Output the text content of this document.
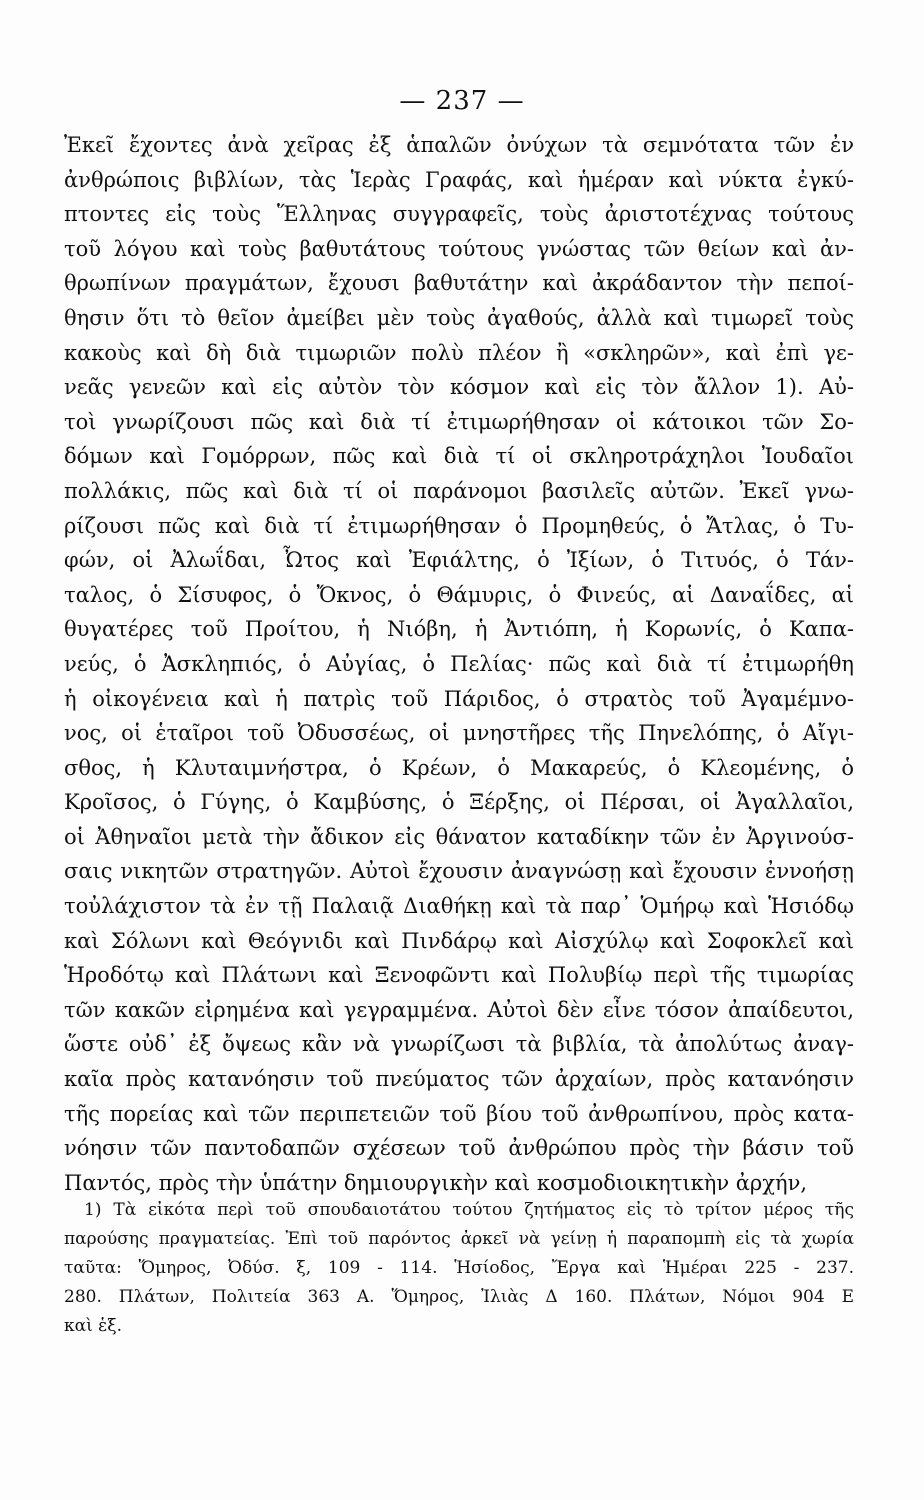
— 237 —
Ἐκεῖ ἔχοντες ἀνὰ χεῖρας ἐξ ἁπαλῶν ὀνύχων τὰ σεμνότατα τῶν ἐν
ἀνθρώποις βιβλίων, τὰς Ἱερὰς Γραφάς, καὶ ἡμέραν καὶ νύκτα ἐγκύ-
πτοντες εἰς τοὺς Ἕλληνας συγγραφεῖς, τοὺς ἀριστοτέχνας τούτους
τοῦ λόγου καὶ τοὺς βαθυτάτους τούτους γνώστας τῶν θείων καὶ ἀν-
θρωπίνων πραγμάτων, ἔχουσι βαθυτάτην καὶ ἀκράδαντον τὴν πεποί-
θησιν ὅτι τὸ θεῖον ἀμείβει μὲν τοὺς ἀγαθούς, ἀλλὰ καὶ τιμωρεῖ τοὺς
κακοὺς καὶ δὴ διὰ τιμωριῶν πολὺ πλέον ἢ «σκληρῶν», καὶ ἐπὶ γε-
νεᾶς γενεῶν καὶ εἰς αὐτὸν τὸν κόσμον καὶ εἰς τὸν ἄλλον 1). Αὐ-
τοὶ γνωρίζουσι πῶς καὶ διὰ τί ἐτιμωρήθησαν οἱ κάτοικοι τῶν Σο-
δόμων καὶ Γομόρρων, πῶς καὶ διὰ τί οἱ σκληροτράχηλοι Ἰουδαῖοι
πολλάκις, πῶς καὶ διὰ τί οἱ παράνομοι βασιλεῖς αὐτῶν. Ἐκεῖ γνω-
ρίζουσι πῶς καὶ διὰ τί ἐτιμωρήθησαν ὁ Προμηθεύς, ὁ Ἄτλας, ὁ Τυ-
φών, οἱ Ἀλωΐδαι, Ὦτος καὶ Ἐφιάλτης, ὁ Ἰξίων, ὁ Τιτυός, ὁ Τάν-
ταλος, ὁ Σίσυφος, ὁ Ὄκνος, ὁ Θάμυρις, ὁ Φινεύς, αἱ Δαναΐδες, αἱ
θυγατέρες τοῦ Προίτου, ἡ Νιόβη, ἡ Ἀντιόπη, ἡ Κορωνίς, ὁ Καπα-
νεύς, ὁ Ἀσκληπιός, ὁ Αὐγίας, ὁ Πελίας· πῶς καὶ διὰ τί ἐτιμωρήθη
ἡ οἰκογένεια καὶ ἡ πατρὶς τοῦ Πάριδος, ὁ στρατὸς τοῦ Ἀγαμέμνο-
νος, οἱ ἑταῖροι τοῦ Ὀδυσσέως, οἱ μνηστῆρες τῆς Πηνελόπης, ὁ Αἴγι-
σθος, ἡ Κλυταιμνήστρα, ὁ Κρέων, ὁ Μακαρεύς, ὁ Κλεομένης, ὁ
Κροῖσος, ὁ Γύγης, ὁ Καμβύσης, ὁ Ξέρξης, οἱ Πέρσαι, οἱ Ἀγαλλαῖοι,
οἱ Ἀθηναῖοι μετὰ τὴν ἄδικον εἰς θάνατον καταδίκην τῶν ἐν Ἀργινούσ-
σαις νικητῶν στρατηγῶν. Αὐτοὶ ἔχουσιν ἀναγνώσῃ καὶ ἔχουσιν ἐννοήσῃ
τοὐλάχιστον τὰ ἐν τῇ Παλαιᾷ Διαθήκῃ καὶ τὰ παρ᾽ Ὁμήρῳ καὶ Ἡσιόδῳ
καὶ Σόλωνι καὶ Θεόγνιδι καὶ Πινδάρῳ καὶ Αἰσχύλῳ καὶ Σοφοκλεῖ καὶ
Ἡροδότῳ καὶ Πλάτωνι καὶ Ξενοφῶντι καὶ Πολυβίῳ περὶ τῆς τιμωρίας
τῶν κακῶν εἰρημένα καὶ γεγραμμένα. Αὐτοὶ δὲν εἶνε τόσον ἀπαίδευτοι,
ὥστε οὐδ᾽ ἐξ ὄψεως κἂν νὰ γνωρίζωσι τὰ βιβλία, τὰ ἀπολύτως ἀναγ-
καῖα πρὸς κατανόησιν τοῦ πνεύματος τῶν ἀρχαίων, πρὸς κατανόησιν
τῆς πορείας καὶ τῶν περιπετειῶν τοῦ βίου τοῦ ἀνθρωπίνου, πρὸς κατα-
νόησιν τῶν παντοδαπῶν σχέσεων τοῦ ἀνθρώπου πρὸς τὴν βάσιν τοῦ
Παντός, πρὸς τὴν ὑπάτην δημιουργικὴν καὶ κοσμοδιοικητικὴν ἀρχήν,
1) Τὰ εἰκότα περὶ τοῦ σπουδαιοτάτου τούτου ζητήματος εἰς τὸ τρίτον μέρος τῆς
παρούσης πραγματείας. Ἐπὶ τοῦ παρόντος ἀρκεῖ νὰ γείνῃ ἡ παραπομπὴ εἰς τὰ χωρία
ταῦτα: Ὅμηρος, Ὀδύσ. ξ, 109 - 114. Ἡσίοδος, Ἔργα καὶ Ἡμέραι 225 - 237.
280. Πλάτων, Πολιτεία 363 Α. Ὅμηρος, Ἰλιὰς Δ 160. Πλάτων, Νόμοι 904 Ε
καὶ ἑξ.
